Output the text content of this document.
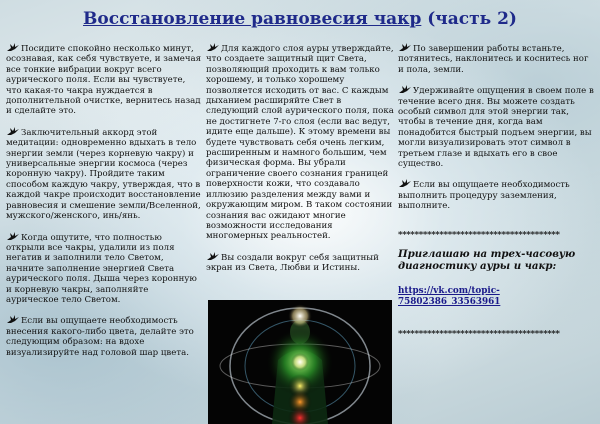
Восстановление равновесия чакр (часть 2)

Посидите спокойно несколько минут, осознавая, как себя чувствуете, и замечая все тонкие вибрации вокруг всего аурического поля. Если вы чувствуете, что какая-то чакра нуждается в дополнительной очистке, вернитесь назад и сделайте это.

Заключительный аккорд этой медитации: одновременно вдыхать в тело энергии земли (через корневую чакру) и универсальные энергии космоса (через коронную чакру). Пройдите таким способом каждую чакру, утверждая, что в каждой чакре происходит восстановление равновесия и смешение земли/Вселенной, мужского/женского, инь/янь.

Когда ощутите, что полностью открыли все чакры, удалили из поля негатив и заполнили тело Светом, начните заполнение энергией Света аурического поля. Дыша через коронную и корневую чакры, заполняйте аурическое тело Светом.

Если вы ощущаете необходимость внесения какого-либо цвета, делайте это следующим образом: на вдохе визуализируйте над головой шар цвета.

Для каждого слоя ауры утверждайте, что создаете защитный щит Света, позволяющий проходить к вам только хорошему, и только хорошему позволяется исходить от вас. С каждым дыханием расширяйте Свет в следующий слой аурического поля, пока не достигнете 7-го слоя (если вас ведут, идите еще дальше). К этому времени вы будете чувствовать себя очень легким, расширенным и намного большим, чем физическая форма. Вы убрали ограничение своего сознания границей поверхности кожи, что создавало иллюзию разделения между вами и окружающим миром. В таком состоянии сознания вас ожидают многие возможности исследования многомерных реальностей.

Вы создали вокруг себя защитный экран из Света, Любви и Истины.

По завершении работы встаньте, потянитесь, наклонитесь и коснитесь ног и пола, земли.

Удерживайте ощущения в своем поле в течение всего дня. Вы можете создать особый символ для этой энергии так, чтобы в течение дня, когда вам понадобится быстрый подъем энергии, вы могли визуализировать этот символ в третьем глазе и вдыхать его в свое существо.

Если вы ощущаете необходимость выполнить процедуру заземления, выполните.

***************************************
Приглашаю на трех-часовую диагностику ауры и чакр:
https://vk.com/topic-75802386_33563961
***************************************
